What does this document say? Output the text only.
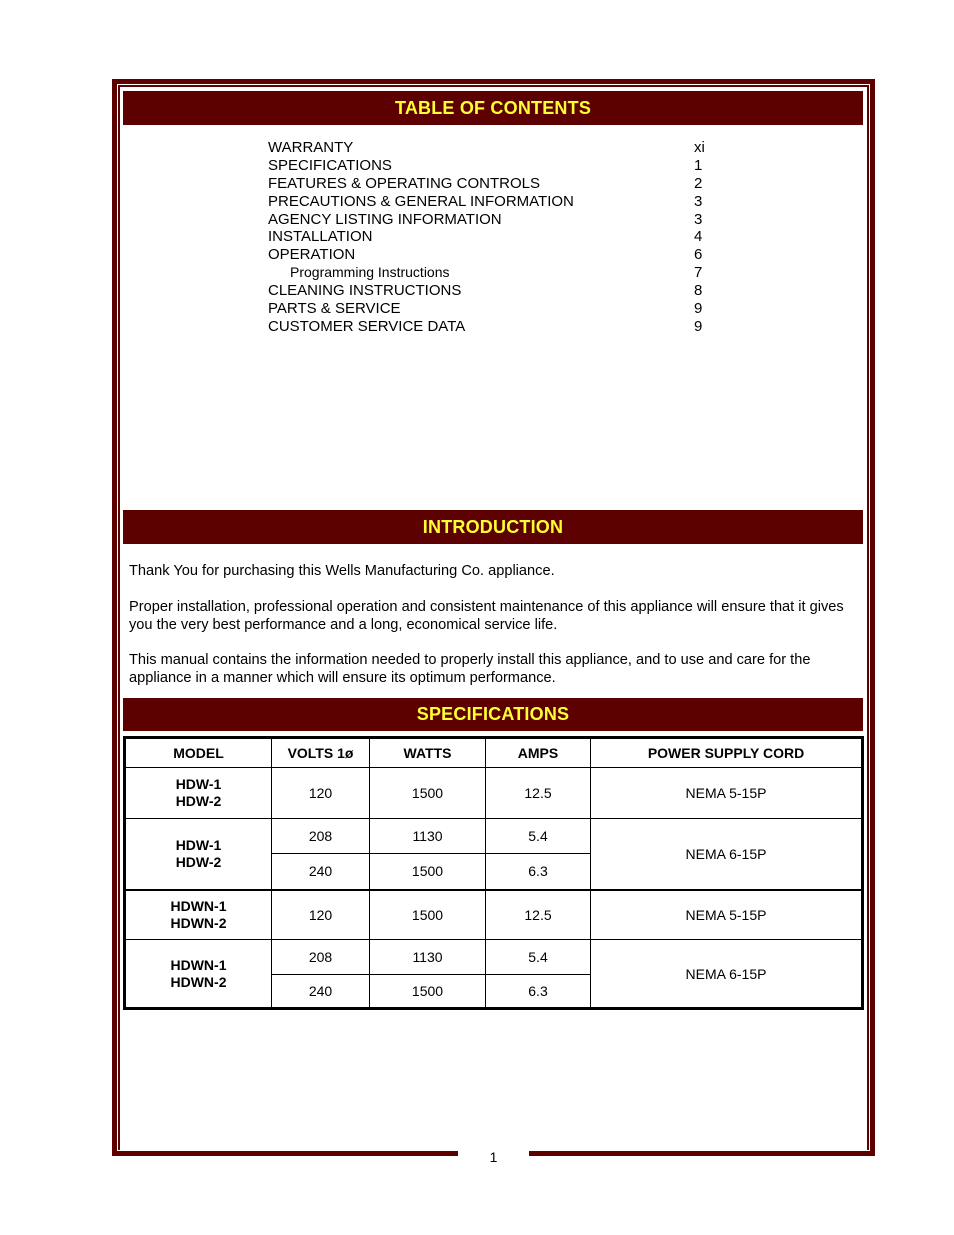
1
TABLE OF CONTENTS
WARRANTY	xi
SPECIFICATIONS	1
FEATURES & OPERATING CONTROLS	2
PRECAUTIONS & GENERAL INFORMATION	3
AGENCY LISTING INFORMATION	3
INSTALLATION	4
OPERATION	6
Programming Instructions	7
CLEANING INSTRUCTIONS	8
PARTS & SERVICE	9
CUSTOMER SERVICE DATA	9
INTRODUCTION

Thank You for purchasing this Wells Manufacturing Co. appliance.

Proper installation, professional operation and consistent maintenance of this appliance will ensure that it gives you the very best performance and a long, economical service life.

This manual contains the information needed to properly install this appliance, and to use and care for the appliance in a manner which will ensure its optimum performance.

SPECIFICATIONS
MODEL	VOLTS 1ø	WATTS	AMPS	POWER SUPPLY CORD
HDW-1
HDW-2	120	1500	12.5	NEMA 5-15P
HDW-1
HDW-2	208	1130	5.4	NEMA 6-15P
	240	1500	6.3	
HDWN-1
HDWN-2	120	1500	12.5	NEMA 5-15P
HDWN-1
HDWN-2	208	1130	5.4	NEMA 6-15P
	240	1500	6.3	
